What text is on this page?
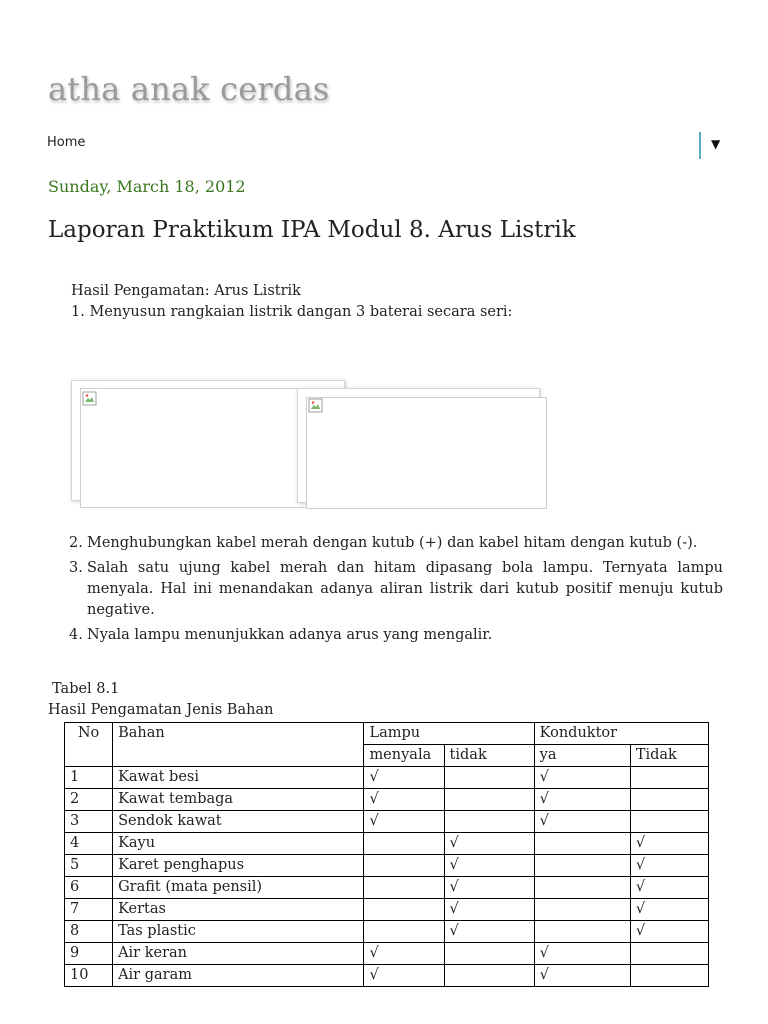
atha anak cerdas
Home	▼
Sunday, March 18, 2012
Laporan Praktikum IPA Modul 8. Arus Listrik
Hasil Pengamatan: Arus Listrik
1. Menyusun rangkaian listrik dangan 3 baterai secara seri:
2. Menghubungkan kabel merah dengan kutub (+) dan kabel hitam dengan kutub (-).
3. Salah satu ujung kabel merah dan hitam dipasang bola lampu. Ternyata lampu menyala. Hal ini menandakan adanya aliran listrik dari kutub positif menuju kutub negative.
4. Nyala lampu menunjukkan adanya arus yang mengalir.
Tabel 8.1
Hasil Pengamatan Jenis Bahan
No	Bahan	Lampu		Konduktor	
		menyala	tidak	ya	Tidak
1	Kawat besi	√		√	
2	Kawat tembaga	√		√	
3	Sendok kawat	√		√	
4	Kayu		√		√
5	Karet penghapus		√		√
6	Grafit (mata pensil)		√		√
7	Kertas		√		√
8	Tas plastic		√		√
9	Air keran	√		√	
10	Air garam	√		√	
